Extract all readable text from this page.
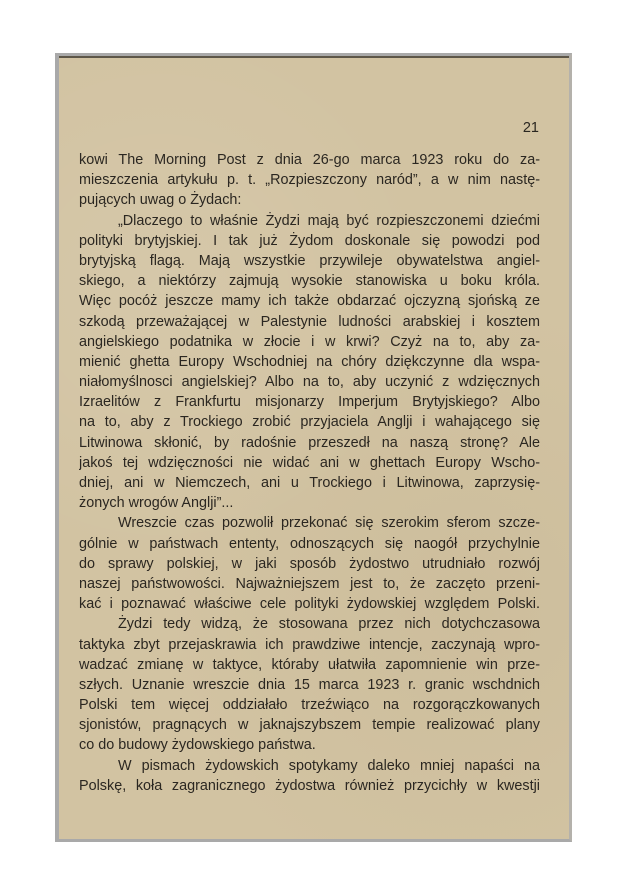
21
kowi The Morning Post z dnia 26-go marca 1923 roku do za-
mieszczenia artykułu p. t. „Rozpieszczony naród”, a w nim nastę-
pujących uwag o Żydach:
„Dlaczego to właśnie Żydzi mają być rozpieszczonemi dziećmi
polityki brytyjskiej. I tak już Żydom doskonale się powodzi pod
brytyjską flagą. Mają wszystkie przywileje obywatelstwa angiel-
skiego, a niektórzy zajmują wysokie stanowiska u boku króla.
Więc pocóż jeszcze mamy ich także obdarzać ojczyzną sjońską ze
szkodą przeważającej w Palestynie ludności arabskiej i kosztem
angielskiego podatnika w złocie i w krwi? Czyż na to, aby za-
mienić ghetta Europy Wschodniej na chóry dziękczynne dla wspa-
niałomyślnosci angielskiej? Albo na to, aby uczynić z wdzięcznych
Izraelitów z Frankfurtu misjonarzy Imperjum Brytyjskiego? Albo
na to, aby z Trockiego zrobić przyjaciela Anglji i wahającego się
Litwinowa skłonić, by radośnie przeszedł na naszą stronę? Ale
jakoś tej wdzięczności nie widać ani w ghettach Europy Wscho-
dniej, ani w Niemczech, ani u Trockiego i Litwinowa, zaprzysię-
żonych wrogów Anglji”...
Wreszcie czas pozwolił przekonać się szerokim sferom szcze-
gólnie w państwach ententy, odnoszących się naogół przychylnie
do sprawy polskiej, w jaki sposób żydostwo utrudniało rozwój
naszej państwowości. Najważniejszem jest to, że zaczęto przeni-
kać i poznawać właściwe cele polityki żydowskiej względem Polski.
Żydzi tedy widzą, że stosowana przez nich dotychczasowa
taktyka zbyt przejaskrawia ich prawdziwe intencje, zaczynają wpro-
wadzać zmianę w taktyce, któraby ułatwiła zapomnienie win prze-
szłych. Uznanie wreszcie dnia 15 marca 1923 r. granic wschdnich
Polski tem więcej oddziałało trzeźwiąco na rozgorączkowanych
sjonistów, pragnących w jaknajszybszem tempie realizować plany
co do budowy żydowskiego państwa.
W pismach żydowskich spotykamy daleko mniej napaści na
Polskę, koła zagranicznego żydostwa również przycichły w kwestji
